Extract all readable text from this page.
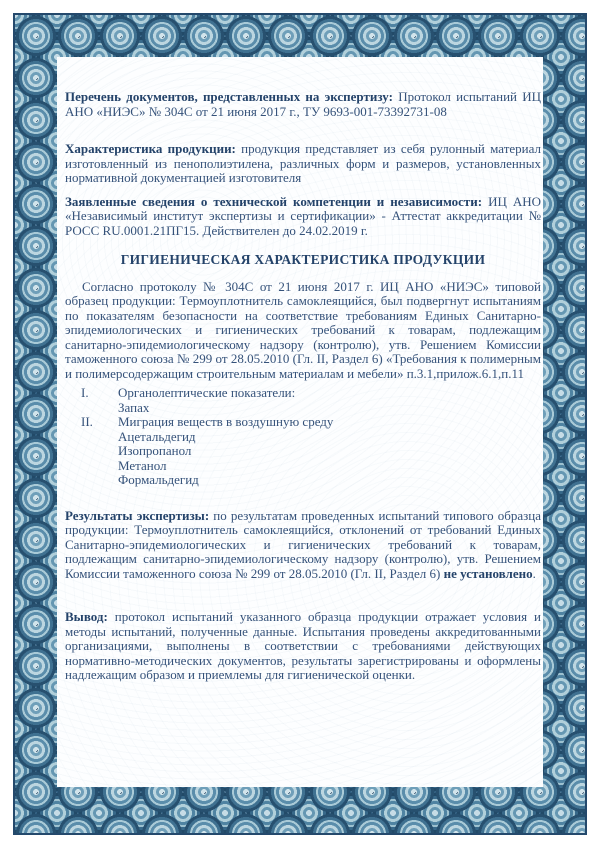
Перечень документов, представленных на экспертизу: Протокол испытаний ИЦ АНО «НИЭС» № 304С от 21 июня 2017 г., ТУ 9693-001-73392731-08

Характеристика продукции: продукция представляет из себя рулонный материал изготовленный из пенополиэтилена, различных форм и размеров, установленных нормативной документацией изготовителя

Заявленные сведения о технической компетенции и независимости: ИЦ АНО «Независимый институт экспертизы и сертификации» - Аттестат аккредитации № РОСС RU.0001.21ПГ15. Действителен до 24.02.2019 г.

ГИГИЕНИЧЕСКАЯ ХАРАКТЕРИСТИКА ПРОДУКЦИИ

Согласно протоколу № 304С от 21 июня 2017 г. ИЦ АНО «НИЭС» типовой образец продукции: Термоуплотнитель самоклеящийся, был подвергнут испытаниям по показателям безопасности на соответствие требованиям Единых Санитарно-эпидемиологических и гигиенических требований к товарам, подлежащим санитарно-эпидемиологическому надзору (контролю), утв. Решением Комиссии таможенного союза № 299 от 28.05.2010 (Гл. II, Раздел 6) «Требования к полимерным и полимерсодержащим строительным материалам и мебели» п.3.1,прилож.6.1,п.11

I.	Органолептические показатели:
Запах
II.	Миграция веществ в воздушную среду
Ацетальдегид
Изопропанол
Метанол
Формальдегид

Результаты экспертизы: по результатам проведенных испытаний типового образца продукции: Термоуплотнитель самоклеящийся, отклонений от требований Единых Санитарно-эпидемиологических и гигиенических требований к товарам, подлежащим санитарно-эпидемиологическому надзору (контролю), утв. Решением Комиссии таможенного союза № 299 от 28.05.2010 (Гл. II, Раздел 6) не установлено.

Вывод: протокол испытаний указанного образца продукции отражает условия и методы испытаний, полученные данные. Испытания проведены аккредитованными организациями, выполнены в соответствии с требованиями действующих нормативно-методических документов, результаты зарегистрированы и оформлены надлежащим образом и приемлемы для гигиенической оценки.
